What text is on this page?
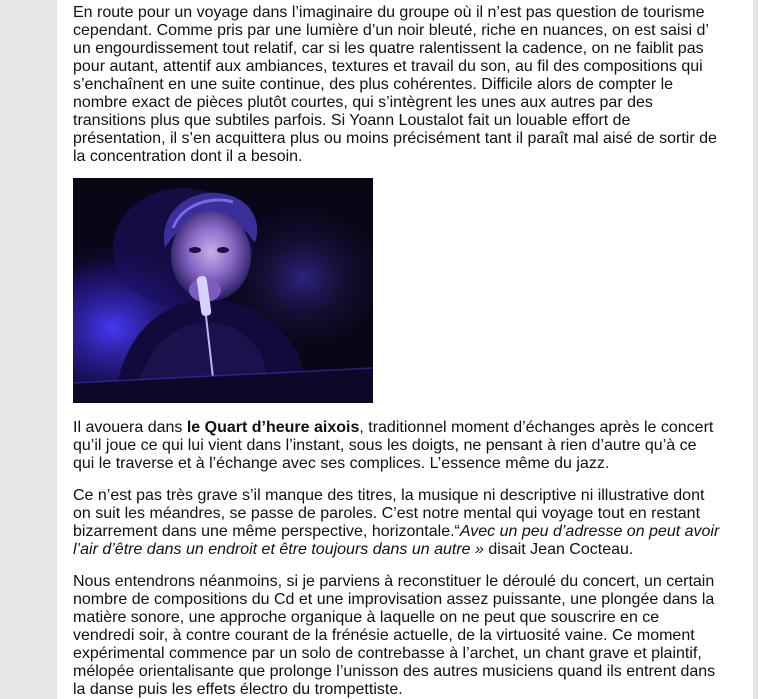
En route pour un voyage dans l’imaginaire du groupe où il n’est pas question de tourisme
cependant. Comme pris par une lumière d’un noir bleuté, riche en nuances, on est saisi d’
un engourdissement tout relatif, car si les quatre ralentissent la cadence, on ne faiblit pas
pour autant, attentif aux ambiances, textures et travail du son, au fil des compositions qui
s’enchaînent en une suite continue, des plus cohérentes. Difficile alors de compter le
nombre exact de pièces plutôt courtes, qui s’intègrent les unes aux autres par des
transitions plus que subtiles parfois. Si Yoann Loustalot fait un louable effort de
présentation, il s’en acquittera plus ou moins précisément tant il paraît mal aisé de sortir de
la concentration dont il a besoin.

Il avouera dans le Quart d’heure aixois, traditionnel moment d’échanges après le concert
qu’il joue ce qui lui vient dans l’instant, sous les doigts, ne pensant à rien d’autre qu’à ce
qui le traverse et à l’échange avec ses complices. L’essence même du jazz.

Ce n’est pas très grave s’il manque des titres, la musique ni descriptive ni illustrative dont
on suit les méandres, se passe de paroles. C’est notre mental qui voyage tout en restant
bizarrement dans une même perspective, horizontale.“Avec un peu d’adresse on peut avoir
l’air d’être dans un endroit et être toujours dans un autre » disait Jean Cocteau.

Nous entendrons néanmoins, si je parviens à reconstituer le déroulé du concert, un certain
nombre de compositions du Cd et une improvisation assez puissante, une plongée dans la
matière sonore, une approche organique à laquelle on ne peut que souscrire en ce
vendredi soir, à contre courant de la frénésie actuelle, de la virtuosité vaine. Ce moment
expérimental commence par un solo de contrebasse à l’archet, un chant grave et plaintif,
mélopée orientalisante que prolonge l’unisson des autres musiciens quand ils entrent dans
la danse puis les effets électro du trompettiste.
